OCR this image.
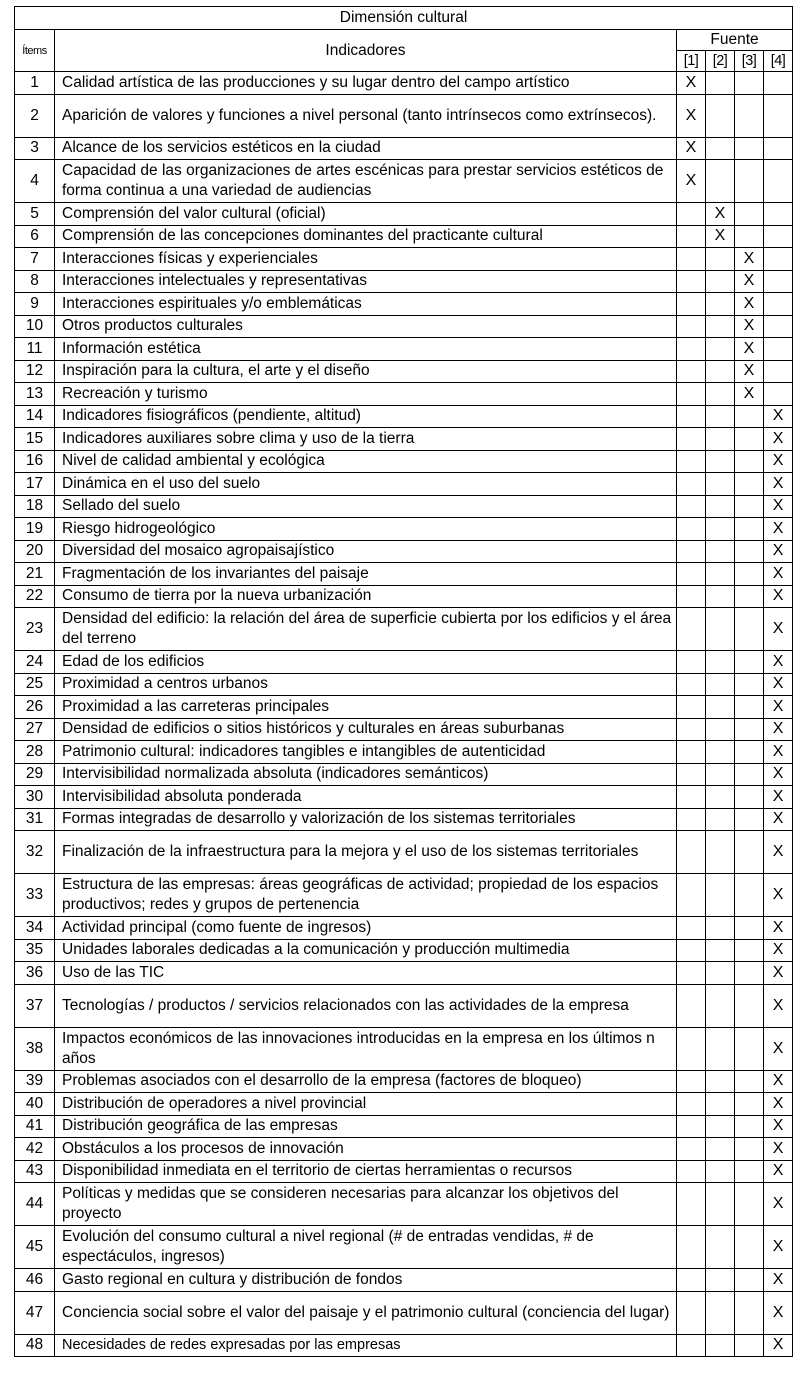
Dimensión cultural					
Ítems	Indicadores	Fuente			
		[1]	[2]	[3]	[4]
1	Calidad artística de las producciones y su lugar dentro del campo artístico	X			
2	Aparición de valores y funciones a nivel personal (tanto intrínsecos como extrínsecos).	X			
3	Alcance de los servicios estéticos en la ciudad	X			
4	Capacidad de las organizaciones de artes escénicas para prestar servicios estéticos de forma continua a una variedad de audiencias	X			
5	Comprensión del valor cultural (oficial)		X		
6	Comprensión de las concepciones dominantes del practicante cultural		X		
7	Interacciones físicas y experienciales			X	
8	Interacciones intelectuales y representativas			X	
9	Interacciones espirituales y/o emblemáticas			X	
10	Otros productos culturales			X	
11	Información estética			X	
12	Inspiración para la cultura, el arte y el diseño			X	
13	Recreación y turismo			X	
14	Indicadores fisiográficos (pendiente, altitud)				X
15	Indicadores auxiliares sobre clima y uso de la tierra				X
16	Nivel de calidad ambiental y ecológica				X
17	Dinámica en el uso del suelo				X
18	Sellado del suelo				X
19	Riesgo hidrogeológico				X
20	Diversidad del mosaico agropaisajístico				X
21	Fragmentación de los invariantes del paisaje				X
22	Consumo de tierra por la nueva urbanización				X
23	Densidad del edificio: la relación del área de superficie cubierta por los edificios y el área del terreno				X
24	Edad de los edificios				X
25	Proximidad a centros urbanos				X
26	Proximidad a las carreteras principales				X
27	Densidad de edificios o sitios históricos y culturales en áreas suburbanas				X
28	Patrimonio cultural: indicadores tangibles e intangibles de autenticidad				X
29	Intervisibilidad normalizada absoluta (indicadores semánticos)				X
30	Intervisibilidad absoluta ponderada				X
31	Formas integradas de desarrollo y valorización de los sistemas territoriales				X
32	Finalización de la infraestructura para la mejora y el uso de los sistemas territoriales				X
33	Estructura de las empresas: áreas geográficas de actividad; propiedad de los espacios productivos; redes y grupos de pertenencia				X
34	Actividad principal (como fuente de ingresos)				X
35	Unidades laborales dedicadas a la comunicación y producción multimedia				X
36	Uso de las TIC				X
37	Tecnologías / productos / servicios relacionados con las actividades de la empresa				X
38	Impactos económicos de las innovaciones introducidas en la empresa en los últimos n años				X
39	Problemas asociados con el desarrollo de la empresa (factores de bloqueo)				X
40	Distribución de operadores a nivel provincial				X
41	Distribución geográfica de las empresas				X
42	Obstáculos a los procesos de innovación				X
43	Disponibilidad inmediata en el territorio de ciertas herramientas o recursos				X
44	Políticas y medidas que se consideren necesarias para alcanzar los objetivos del proyecto				X
45	Evolución del consumo cultural a nivel regional (# de entradas vendidas, # de espectáculos, ingresos)				X
46	Gasto regional en cultura y distribución de fondos				X
47	Conciencia social sobre el valor del paisaje y el patrimonio cultural (conciencia del lugar)				X
48	Necesidades de redes expresadas por las empresas				X
